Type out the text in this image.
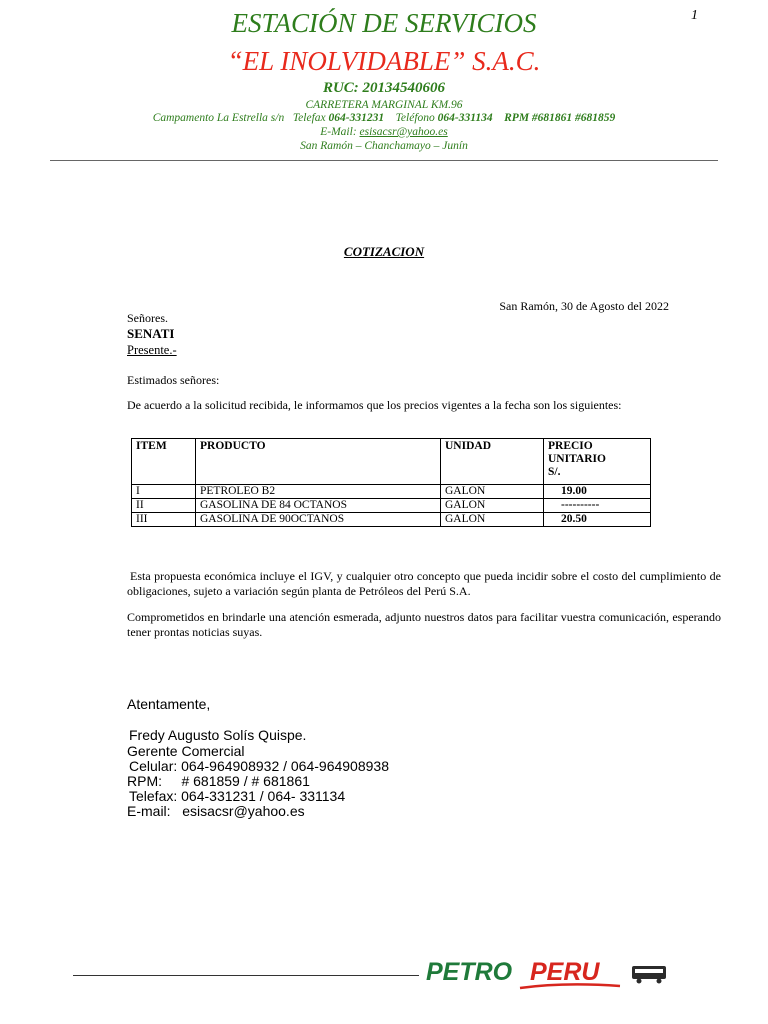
1
ESTACIÓN DE SERVICIOS
“EL INOLVIDABLE” S.A.C.
RUC: 20134540606
CARRETERA MARGINAL KM.96
Campamento La Estrella s/n Telefax 064-331231 Teléfono 064-331134 RPM #681861 #681859
E-Mail: esisacsr@yahoo.es
San Ramón – Chanchamayo – Junín
COTIZACION
San Ramón, 30 de Agosto del 2022
Señores.
SENATI
Presente.-
Estimados señores:
De acuerdo a la solicitud recibida, le informamos que los precios vigentes a la fecha son los siguientes:
ITEM	PRODUCTO	UNIDAD	PRECIO
UNITARIO
S/.
I	PETROLEO B2	GALON	19.00
II	GASOLINA DE 84 OCTANOS	GALON	----------
III	GASOLINA DE 90OCTANOS	GALON	20.50
Esta propuesta económica incluye el IGV, y cualquier otro concepto que pueda incidir sobre el costo del cumplimiento de obligaciones, sujeto a variación según planta de Petróleos del Perú S.A.
Comprometidos en brindarle una atención esmerada, adjunto nuestros datos para facilitar vuestra comunicación, esperando tener prontas noticias suyas.
Atentamente,
Fredy Augusto Solís Quispe.
Gerente Comercial
Celular: 064-964908932 / 064-964908938
RPM:     # 681859 / # 681861
Telefax: 064-331231 / 064- 331134
E-mail:   esisacsr@yahoo.es
PETRO PERU
